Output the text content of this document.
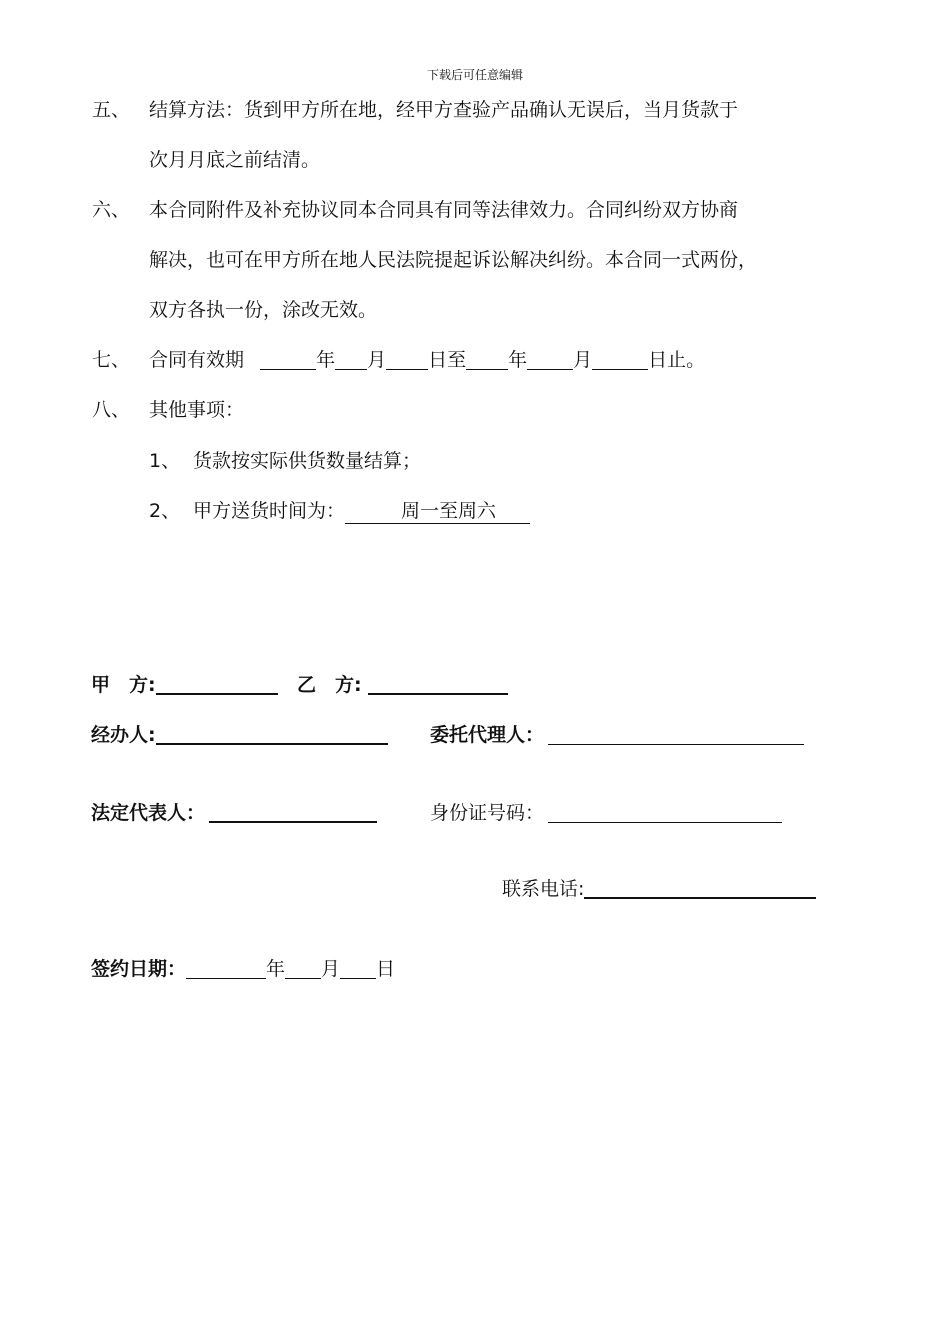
下载后可任意编辑
五、 结算方法：货到甲方所在地，经甲方查验产品确认无误后，当月货款于
次月月底之前结清。
六、 本合同附件及补充协议同本合同具有同等法律效力。合同纠纷双方协商
解决，也可在甲方所在地人民法院提起诉讼解决纠纷。本合同一式两份，
双方各执一份，涂改无效。
七、 合同有效期	年 月 日至 年 月	日止。
八、 其他事项：
1、 货款按实际供货数量结算；
2、 甲方送货时间为：	周一至周六
甲　方:	乙　方:
经办人:	委托代理人：
法定代表人：	身份证号码：
联系电话:
签约日期：	年 月 日
